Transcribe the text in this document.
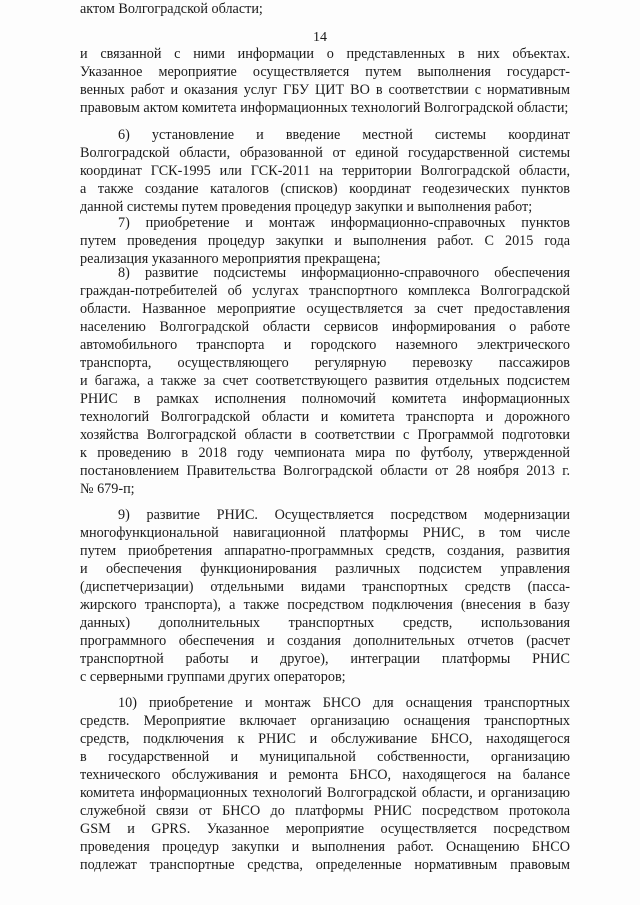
14
и связанной с ними информации о представленных в них объектах.
Указанное мероприятие осуществляется путем выполнения государст-
венных работ и оказания услуг ГБУ ЦИТ ВО в соответствии с нормативным
правовым актом комитета информационных технологий Волгоградской области;
6) установление и введение местной системы координат
Волгоградской области, образованной от единой государственной системы
координат ГСК-1995 или ГСК-2011 на территории Волгоградской области,
а также создание каталогов (списков) координат геодезических пунктов
данной системы путем проведения процедур закупки и выполнения работ;
7) приобретение и монтаж информационно-справочных пунктов
путем проведения процедур закупки и выполнения работ. С 2015 года
реализация указанного мероприятия прекращена;
8) развитие подсистемы информационно-справочного обеспечения
граждан-потребителей об услугах транспортного комплекса Волгоградской
области. Названное мероприятие осуществляется за счет предоставления
населению Волгоградской области сервисов информирования о работе
автомобильного транспорта и городского наземного электрического
транспорта, осуществляющего регулярную перевозку пассажиров
и багажа, а также за счет соответствующего развития отдельных подсистем
РНИС в рамках исполнения полномочий комитета информационных
технологий Волгоградской области и комитета транспорта и дорожного
хозяйства Волгоградской области в соответствии с Программой подготовки
к проведению в 2018 году чемпионата мира по футболу, утвержденной
постановлением Правительства Волгоградской области от 28 ноября 2013 г.
№ 679-п;
9) развитие РНИС. Осуществляется посредством модернизации
многофункциональной навигационной платформы РНИС, в том числе
путем приобретения аппаратно-программных средств, создания, развития
и обеспечения функционирования различных подсистем управления
(диспетчеризации) отдельными видами транспортных средств (пасса-
жирского транспорта), а также посредством подключения (внесения в базу
данных) дополнительных транспортных средств, использования
программного обеспечения и создания дополнительных отчетов (расчет
транспортной работы и другое), интеграции платформы РНИС
с серверными группами других операторов;
10) приобретение и монтаж БНСО для оснащения транспортных
средств. Мероприятие включает организацию оснащения транспортных
средств, подключения к РНИС и обслуживание БНСО, находящегося
в государственной и муниципальной собственности, организацию
технического обслуживания и ремонта БНСО, находящегося на балансе
комитета информационных технологий Волгоградской области, и организацию
служебной связи от БНСО до платформы РНИС посредством протокола
GSM и GPRS. Указанное мероприятие осуществляется посредством
проведения процедур закупки и выполнения работ. Оснащению БНСО
подлежат транспортные средства, определенные нормативным правовым
актом Волгоградской области;
